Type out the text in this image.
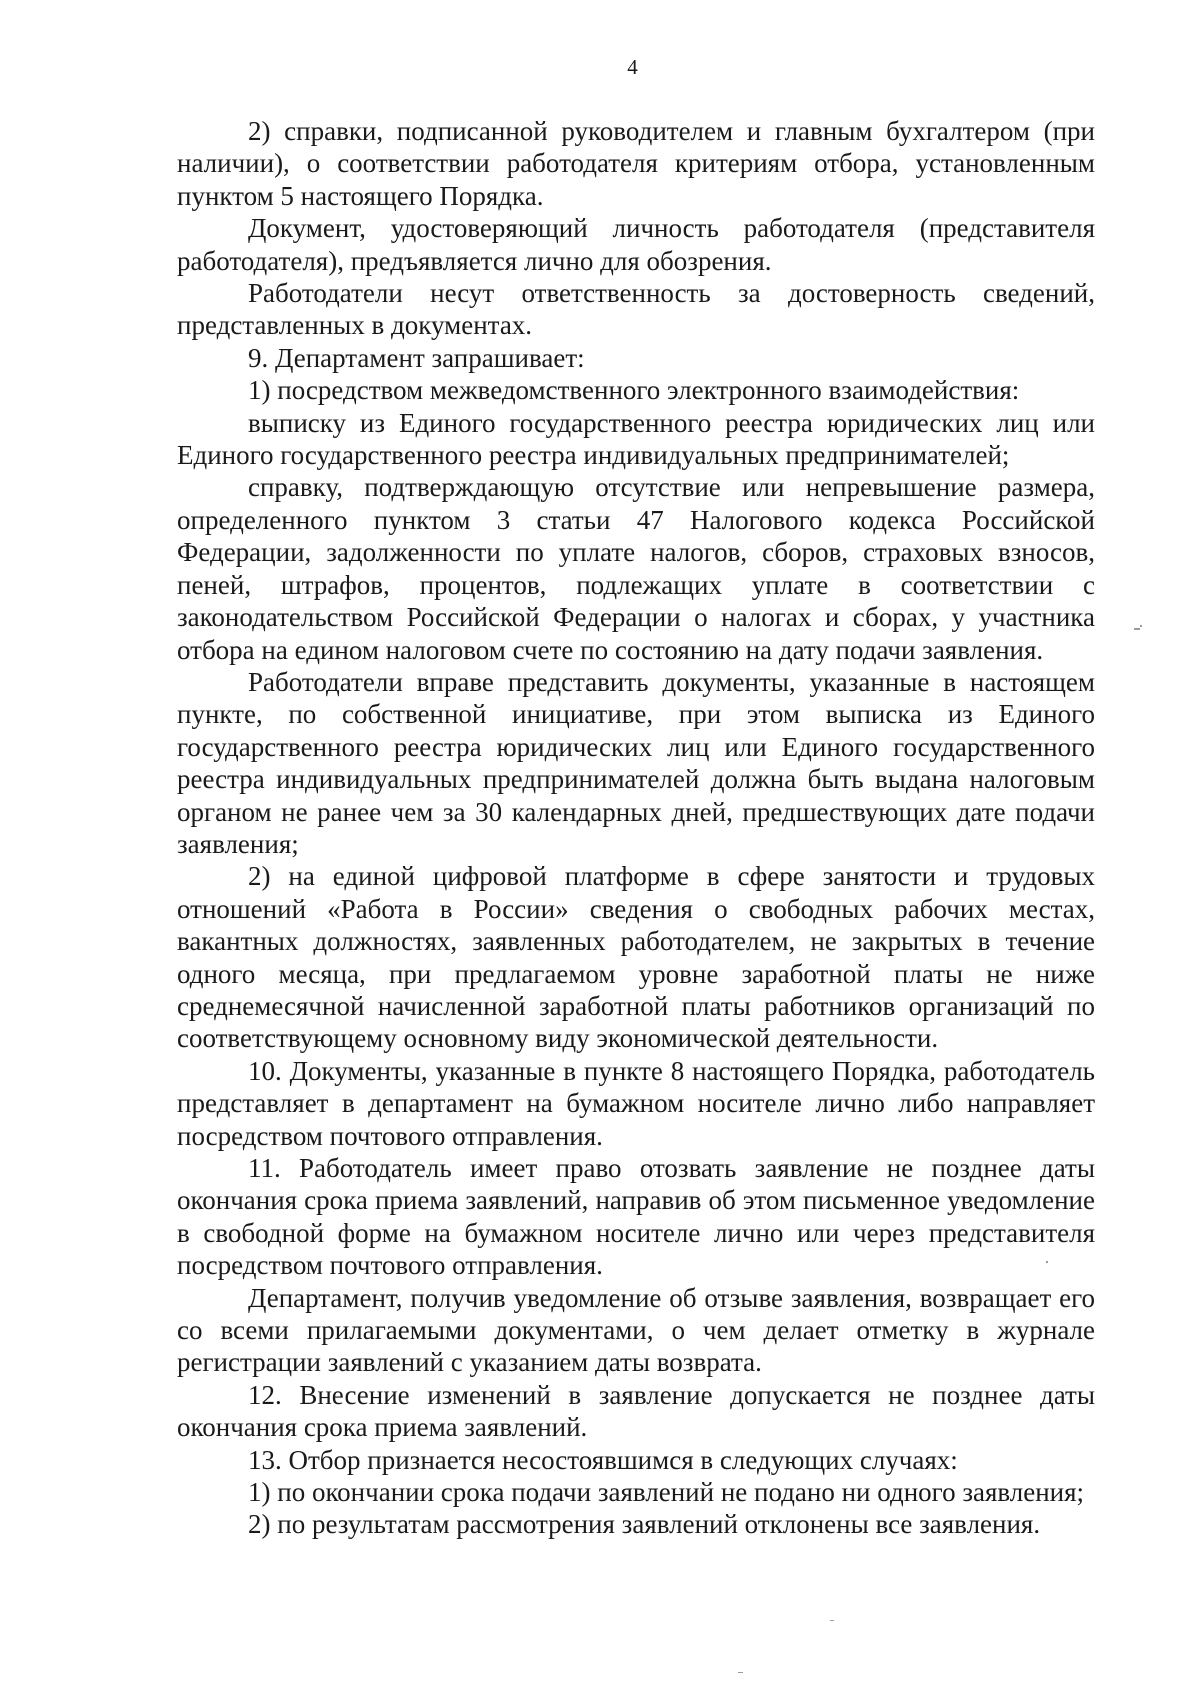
4

2) справки, подписанной руководителем и главным бухгалтером (при наличии), о соответствии работодателя критериям отбора, установленным пунктом 5 настоящего Порядка.

Документ, удостоверяющий личность работодателя (представителя работодателя), предъявляется лично для обозрения.

Работодатели несут ответственность за достоверность сведений, представленных в документах.

9. Департамент запрашивает:

1) посредством межведомственного электронного взаимодействия:

выписку из Единого государственного реестра юридических лиц или Единого государственного реестра индивидуальных предпринимателей;

справку, подтверждающую отсутствие или непревышение размера, определенного пунктом 3 статьи 47 Налогового кодекса Российской Федерации, задолженности по уплате налогов, сборов, страховых взносов, пеней, штрафов, процентов, подлежащих уплате в соответствии с законодательством Российской Федерации о налогах и сборах, у участника отбора на едином налоговом счете по состоянию на дату подачи заявления.

Работодатели вправе представить документы, указанные в настоящем пункте, по собственной инициативе, при этом выписка из Единого государственного реестра юридических лиц или Единого государственного реестра индивидуальных предпринимателей должна быть выдана налоговым органом не ранее чем за 30 календарных дней, предшествующих дате подачи заявления;

2) на единой цифровой платформе в сфере занятости и трудовых отношений «Работа в России» сведения о свободных рабочих местах, вакантных должностях, заявленных работодателем, не закрытых в течение одного месяца, при предлагаемом уровне заработной платы не ниже среднемесячной начисленной заработной платы работников организаций по соответствующему основному виду экономической деятельности.

10. Документы, указанные в пункте 8 настоящего Порядка, работодатель представляет в департамент на бумажном носителе лично либо направляет посредством почтового отправления.

11. Работодатель имеет право отозвать заявление не позднее даты окончания срока приема заявлений, направив об этом письменное уведомление в свободной форме на бумажном носителе лично или через представителя посредством почтового отправления.

Департамент, получив уведомление об отзыве заявления, возвращает его со всеми прилагаемыми документами, о чем делает отметку в журнале регистрации заявлений с указанием даты возврата.

12. Внесение изменений в заявление допускается не позднее даты окончания срока приема заявлений.

13. Отбор признается несостоявшимся в следующих случаях:

1) по окончании срока подачи заявлений не подано ни одного заявления;

2) по результатам рассмотрения заявлений отклонены все заявления.
